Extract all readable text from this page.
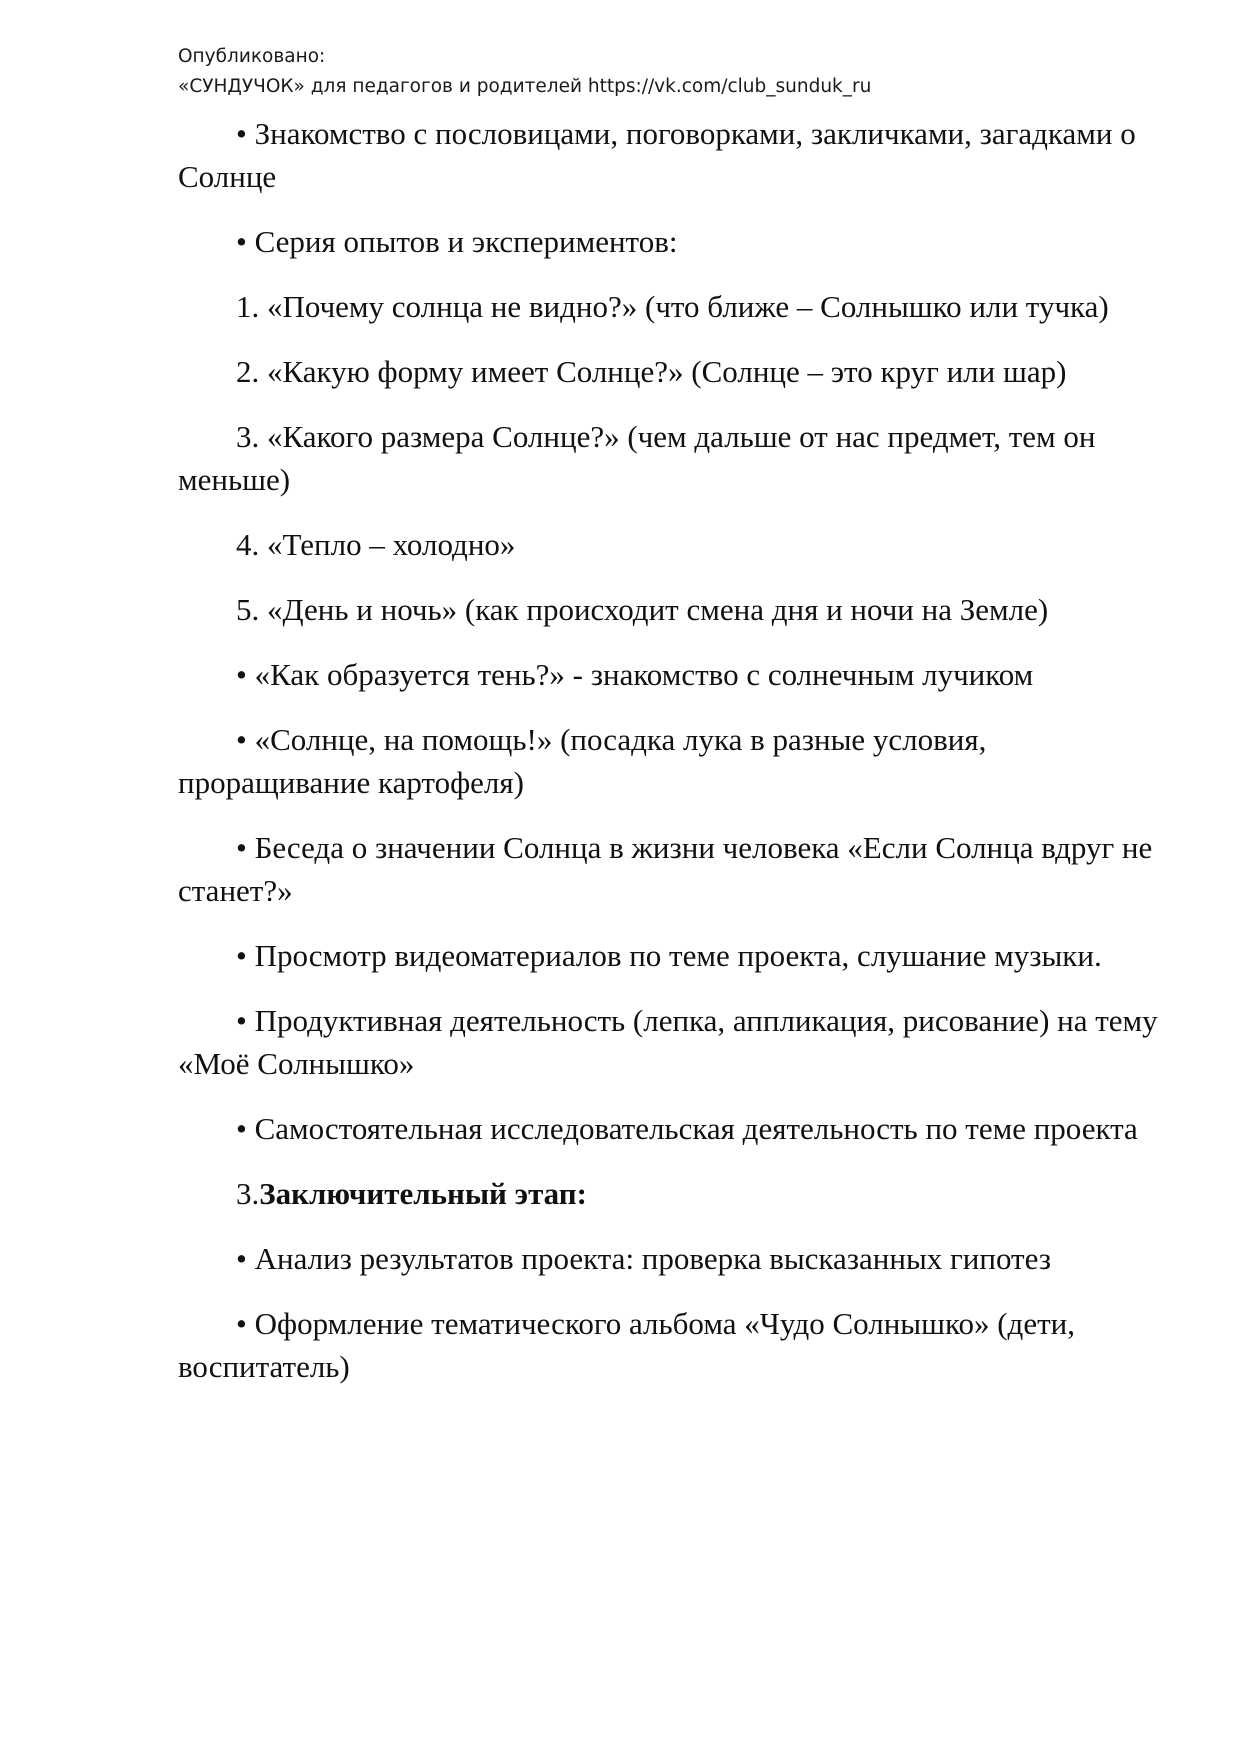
Опубликовано:
«СУНДУЧОК» для педагогов и родителей https://vk.com/club_sunduk_ru

• Знакомство с пословицами, поговорками, закличками, загадками о Солнце

• Серия опытов и экспериментов:

1. «Почему солнца не видно?» (что ближе – Солнышко или тучка)

2. «Какую форму имеет Солнце?» (Солнце – это круг или шар)

3. «Какого размера Солнце?» (чем дальше от нас предмет, тем он меньше)

4. «Тепло – холодно»

5. «День и ночь» (как происходит смена дня и ночи на Земле)

• «Как образуется тень?» - знакомство с солнечным лучиком

• «Солнце, на помощь!» (посадка лука в разные условия, проращивание картофеля)

• Беседа о значении Солнца в жизни человека «Если Солнца вдруг не станет?»

• Просмотр видеоматериалов по теме проекта, слушание музыки.

• Продуктивная деятельность (лепка, аппликация, рисование) на тему «Моё Солнышко»

• Самостоятельная исследовательская деятельность по теме проекта

3.Заключительный этап:

• Анализ результатов проекта: проверка высказанных гипотез

• Оформление тематического альбома «Чудо Солнышко» (дети, воспитатель)
